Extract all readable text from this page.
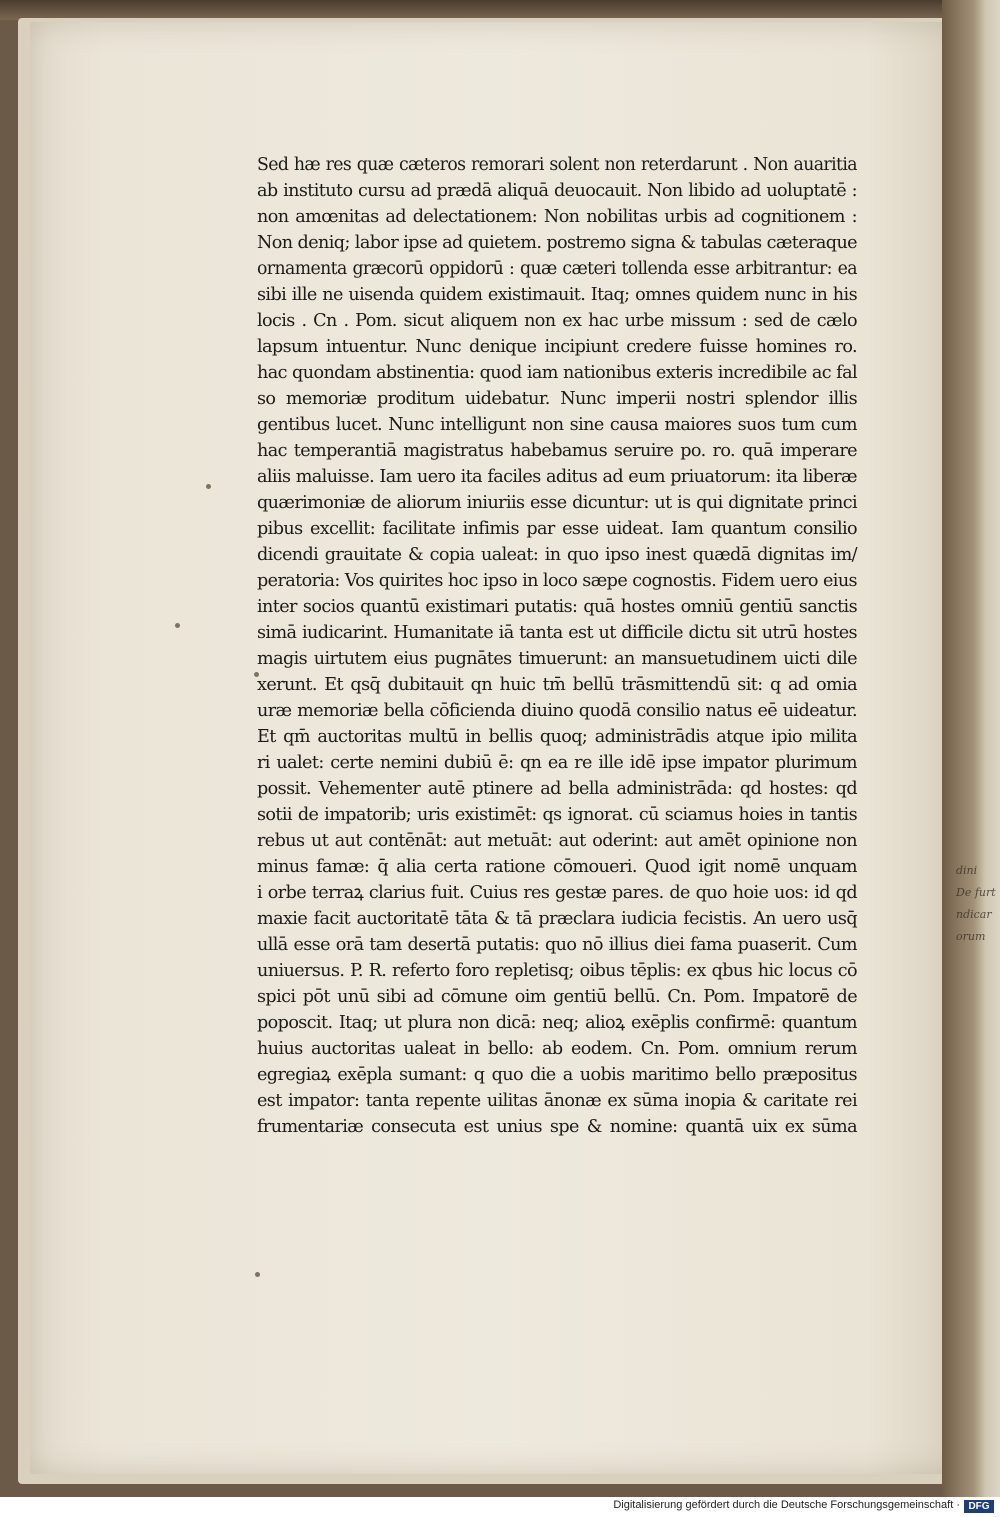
dini
De furt
ndicar
orum
Sed hæ res quæ cæteros remorari solent non reterdarunt . Non auaritia
ab instituto cursu ad prædā aliquā deuocauit. Non libido ad uoluptatē :
non amœnitas ad delectationem: Non nobilitas urbis ad cognitionem :
Non deniq; labor ipse ad quietem. postremo signa & tabulas cæteraque
ornamenta græcorū oppidorū : quæ cæteri tollenda esse arbitrantur: ea
sibi ille ne uisenda quidem existimauit. Itaq; omnes quidem nunc in his
locis . Cn . Pom. sicut aliquem non ex hac urbe missum : sed de cælo
lapsum intuentur. Nunc denique incipiunt credere fuisse homines ro.
hac quondam abstinentia: quod iam nationibus exteris incredibile ac fal
so memoriæ proditum uidebatur. Nunc imperii nostri splendor illis
gentibus lucet. Nunc intelligunt non sine causa maiores suos tum cum
hac temperantiā magistratus habebamus seruire po. ro. quā imperare
aliis maluisse. Iam uero ita faciles aditus ad eum priuatorum: ita liberæ
quærimoniæ de aliorum iniuriis esse dicuntur: ut is qui dignitate princi
pibus excellit: facilitate infimis par esse uideat. Iam quantum consilio
dicendi grauitate & copia ualeat: in quo ipso inest quædā dignitas im/
peratoria: Vos quirites hoc ipso in loco sæpe cognostis. Fidem uero eius
inter socios quantū existimari putatis: quā hostes omniū gentiū sanctis
simā iudicarint. Humanitate iā tanta est ut difficile dictu sit utrū hostes
magis uirtutem eius pugnātes timuerunt: an mansuetudinem uicti dile
xerunt. Et qsq̄ dubitauit qn huic tm̄ bellū trāsmittendū sit: q ad omia
uræ memoriæ bella cōficienda diuino quodā consilio natus eē uideatur.
Et qm̄ auctoritas multū in bellis quoq; administrādis atque ipio milita
ri ualet: certe nemini dubiū ē: qn ea re ille idē ipse impator plurimum
possit. Vehementer autē ptinere ad bella administrāda: qd hostes: qd
sotii de impatorib; uris existimēt: qs ignorat. cū sciamus hoies in tantis
rebus ut aut contēnāt: aut metuāt: aut oderint: aut amēt opinione non
minus famæ: q̄ alia certa ratione cōmoueri. Quod igit nomē unquam
i orbe terraꝝ clarius fuit. Cuius res gestæ pares. de quo hoie uos: id qd
maxie facit auctoritatē tāta & tā præclara iudicia fecistis. An uero usq̄
ullā esse orā tam desertā putatis: quo nō illius diei fama puaserit. Cum
uniuersus. P. R. referto foro repletisq; oibus tēplis: ex qbus hic locus cō
spici pōt unū sibi ad cōmune oim gentiū bellū. Cn. Pom. Impatorē de
poposcit. Itaq; ut plura non dicā: neq; alioꝝ exēplis confirmē: quantum
huius auctoritas ualeat in bello: ab eodem. Cn. Pom. omnium rerum
egregiaꝝ exēpla sumant: q quo die a uobis maritimo bello præpositus
est impator: tanta repente uilitas ānonæ ex sūma inopia & caritate rei
frumentariæ consecuta est unius spe & nomine: quantā uix ex sūma
Digitalisierung gefördert durch die Deutsche Forschungsgemeinschaft · DFG
